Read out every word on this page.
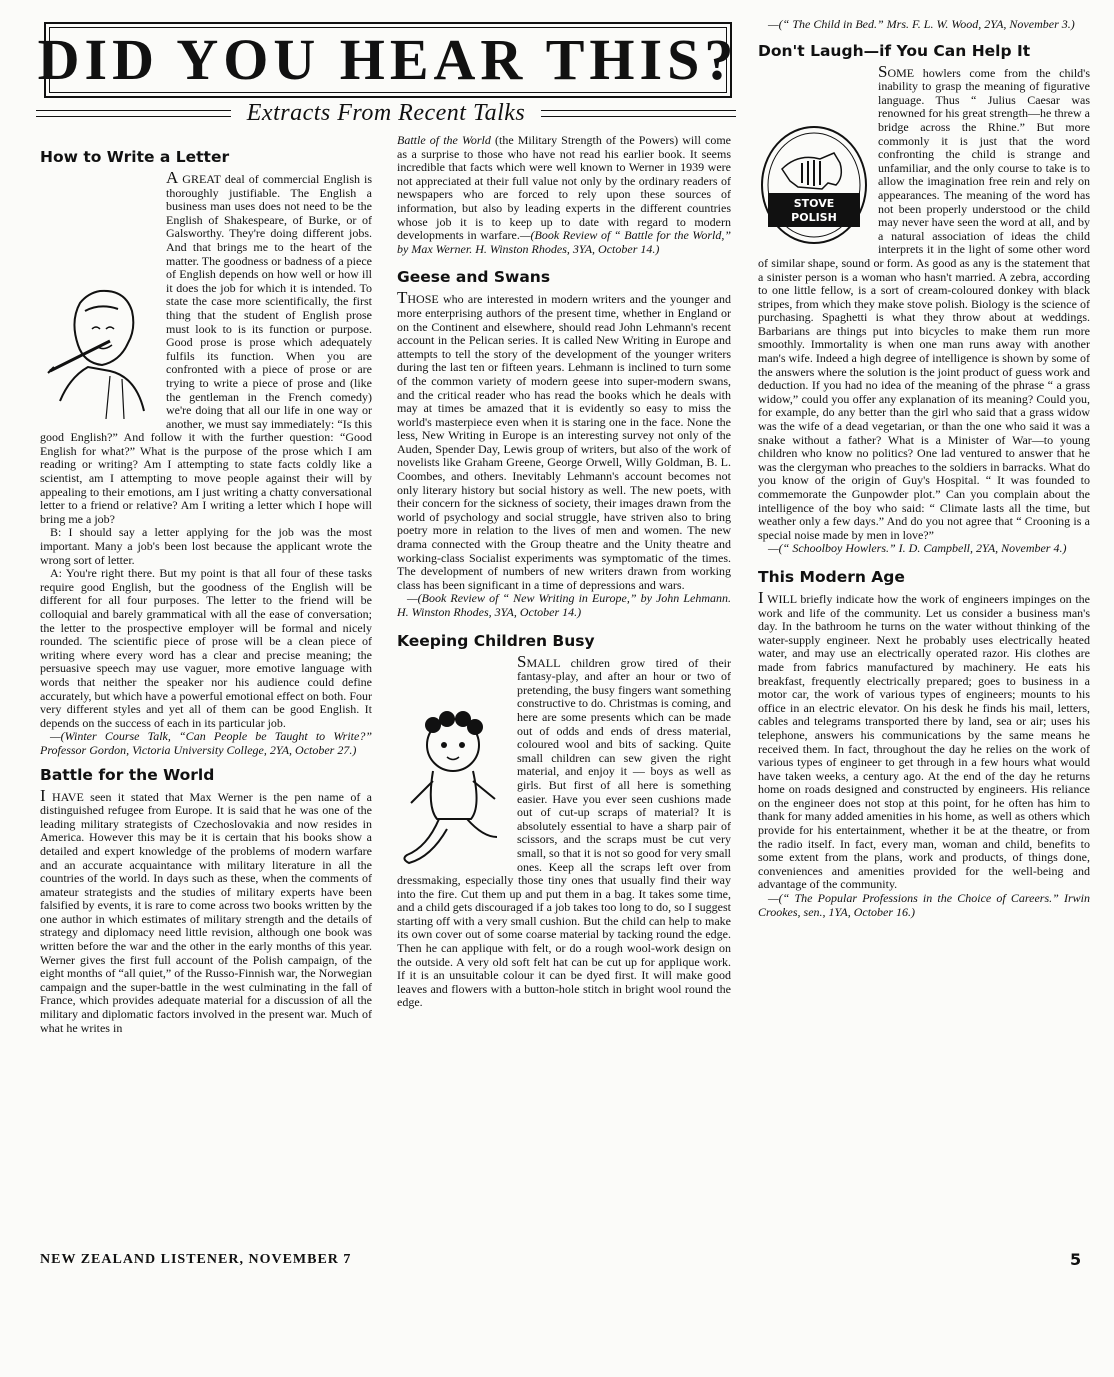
DID YOU HEAR THIS?
Extracts From Recent Talks
How to Write a Letter

A GREAT deal of commercial English is thoroughly justifiable. The English a business man uses does not need to be the English of Shakespeare, of Burke, or of Galsworthy. They're doing different jobs. And that brings me to the heart of the matter. The goodness or badness of a piece of English depends on how well or how ill it does the job for which it is intended. To state the case more scientifically, the first thing that the student of English prose must look to is its function or purpose. Good prose is prose which adequately fulfils its function. When you are confronted with a piece of prose or are trying to write a piece of prose and (like the gentleman in the French comedy) we're doing that all our life in one way or another, we must say immediately: “Is this good English?” And follow it with the further question: “Good English for what?” What is the purpose of the prose which I am reading or writing? Am I attempting to state facts coldly like a scientist, am I attempting to move people against their will by appealing to their emotions, am I just writing a chatty conversational letter to a friend or relative? Am I writing a letter which I hope will bring me a job?

B: I should say a letter applying for the job was the most important. Many a job's been lost because the applicant wrote the wrong sort of letter.

A: You're right there. But my point is that all four of these tasks require good English, but the goodness of the English will be different for all four purposes. The letter to the friend will be colloquial and barely grammatical with all the ease of conversation; the letter to the prospective employer will be formal and nicely rounded. The scientific piece of prose will be a clean piece of writing where every word has a clear and precise meaning; the persuasive speech may use vaguer, more emotive language with words that neither the speaker nor his audience could define accurately, but which have a powerful emotional effect on both. Four very different styles and yet all of them can be good English. It depends on the success of each in its particular job.

—(Winter Course Talk, “Can People be Taught to Write?” Professor Gordon, Victoria University College, 2YA, October 27.)

Battle for the World

I HAVE seen it stated that Max Werner is the pen name of a distinguished refugee from Europe. It is said that he was one of the leading military strategists of Czechoslovakia and now resides in America. However this may be it is certain that his books show a detailed and expert knowledge of the problems of modern warfare and an accurate acquaintance with military literature in all the countries of the world. In days such as these, when the comments of amateur strategists and the studies of military experts have been falsified by events, it is rare to come across two books written by the one author in which estimates of military strength and the details of strategy and diplomacy need little revision, although one book was written before the war and the other in the early months of this year. Werner gives the first full account of the Polish campaign, of the eight months of “all quiet,” of the Russo-Finnish war, the Norwegian campaign and the super-battle in the west culminating in the fall of France, which provides adequate material for a discussion of all the military and diplomatic factors involved in the present war. Much of what he writes in

Battle of the World (the Military Strength of the Powers) will come as a surprise to those who have not read his earlier book. It seems incredible that facts which were well known to Werner in 1939 were not appreciated at their full value not only by the ordinary readers of newspapers who are forced to rely upon these sources of information, but also by leading experts in the different countries whose job it is to keep up to date with regard to modern developments in warfare.—(Book Review of “ Battle for the World,” by Max Werner. H. Winston Rhodes, 3YA, October 14.)

Geese and Swans

THOSE who are interested in modern writers and the younger and more enterprising authors of the present time, whether in England or on the Continent and elsewhere, should read John Lehmann's recent account in the Pelican series. It is called New Writing in Europe and attempts to tell the story of the development of the younger writers during the last ten or fifteen years. Lehmann is inclined to turn some of the common variety of modern geese into super-modern swans, and the critical reader who has read the books which he deals with may at times be amazed that it is evidently so easy to miss the world's masterpiece even when it is staring one in the face. None the less, New Writing in Europe is an interesting survey not only of the Auden, Spender Day, Lewis group of writers, but also of the work of novelists like Graham Greene, George Orwell, Willy Goldman, B. L. Coombes, and others. Inevitably Lehmann's account becomes not only literary history but social history as well. The new poets, with their concern for the sickness of society, their images drawn from the world of psychology and social struggle, have striven also to bring poetry more in relation to the lives of men and women. The new drama connected with the Group theatre and the Unity theatre and working-class Socialist experiments was symptomatic of the times. The development of numbers of new writers drawn from working class has been significant in a time of depressions and wars.

—(Book Review of “ New Writing in Europe,” by John Lehmann. H. Winston Rhodes, 3YA, October 14.)

Keeping Children Busy

SMALL children grow tired of their fantasy-play, and after an hour or two of pretending, the busy fingers want something constructive to do. Christmas is coming, and here are some presents which can be made out of odds and ends of dress material, coloured wool and bits of sacking. Quite small children can sew given the right material, and enjoy it — boys as well as girls. But first of all here is something easier. Have you ever seen cushions made out of cut-up scraps of material? It is absolutely essential to have a sharp pair of scissors, and the scraps must be cut very small, so that it is not so good for very small ones. Keep all the scraps left over from dressmaking, especially those tiny ones that usually find their way into the fire. Cut them up and put them in a bag. It takes some time, and a child gets discouraged if a job takes too long to do, so I suggest starting off with a very small cushion. But the child can help to make its own cover out of some coarse material by tacking round the edge. Then he can applique with felt, or do a rough wool-work design on the outside. A very old soft felt hat can be cut up for applique work. If it is an unsuitable colour it can be dyed first. It will make good leaves and flowers with a button-hole stitch in bright wool round the edge.

—(“ The Child in Bed.” Mrs. F. L. W. Wood, 2YA, November 3.)

Don't Laugh—if You Can Help It
STOVE
POLISH

SOME howlers come from the child's inability to grasp the meaning of figurative language. Thus “ Julius Caesar was renowned for his great strength—he threw a bridge across the Rhine.” But more commonly it is just that the word confronting the child is strange and unfamiliar, and the only course to take is to allow the imagination free rein and rely on appearances. The meaning of the word has not been properly understood or the child may never have seen the word at all, and by a natural association of ideas the child interprets it in the light of some other word of similar shape, sound or form. As good as any is the statement that a sinister person is a woman who hasn't married. A zebra, according to one little fellow, is a sort of cream-coloured donkey with black stripes, from which they make stove polish. Biology is the science of purchasing. Spaghetti is what they throw about at weddings. Barbarians are things put into bicycles to make them run more smoothly. Immortality is when one man runs away with another man's wife. Indeed a high degree of intelligence is shown by some of the answers where the solution is the joint product of guess work and deduction. If you had no idea of the meaning of the phrase “ a grass widow,” could you offer any explanation of its meaning? Could you, for example, do any better than the girl who said that a grass widow was the wife of a dead vegetarian, or than the one who said it was a snake without a father? What is a Minister of War—to young children who know no politics? One lad ventured to answer that he was the clergyman who preaches to the soldiers in barracks. What do you know of the origin of Guy's Hospital. “ It was founded to commemorate the Gunpowder plot.” Can you complain about the intelligence of the boy who said: “ Climate lasts all the time, but weather only a few days.” And do you not agree that “ Crooning is a special noise made by men in love?”

—(“ Schoolboy Howlers.” I. D. Campbell, 2YA, November 4.)

This Modern Age

I WILL briefly indicate how the work of engineers impinges on the work and life of the community. Let us consider a business man's day. In the bathroom he turns on the water without thinking of the water-supply engineer. Next he probably uses electrically heated water, and may use an electrically operated razor. His clothes are made from fabrics manufactured by machinery. He eats his breakfast, frequently electrically prepared; goes to business in a motor car, the work of various types of engineers; mounts to his office in an electric elevator. On his desk he finds his mail, letters, cables and telegrams transported there by land, sea or air; uses his telephone, answers his communications by the same means he received them. In fact, throughout the day he relies on the work of various types of engineer to get through in a few hours what would have taken weeks, a century ago. At the end of the day he returns home on roads designed and constructed by engineers. His reliance on the engineer does not stop at this point, for he often has him to thank for many added amenities in his home, as well as others which provide for his entertainment, whether it be at the theatre, or from the radio itself. In fact, every man, woman and child, benefits to some extent from the plans, work and products, of things done, conveniences and amenities provided for the well-being and advantage of the community.

—(“ The Popular Professions in the Choice of Careers.” Irwin Crookes, sen., 1YA, October 16.)

NEW ZEALAND LISTENER, NOVEMBER 7	5
